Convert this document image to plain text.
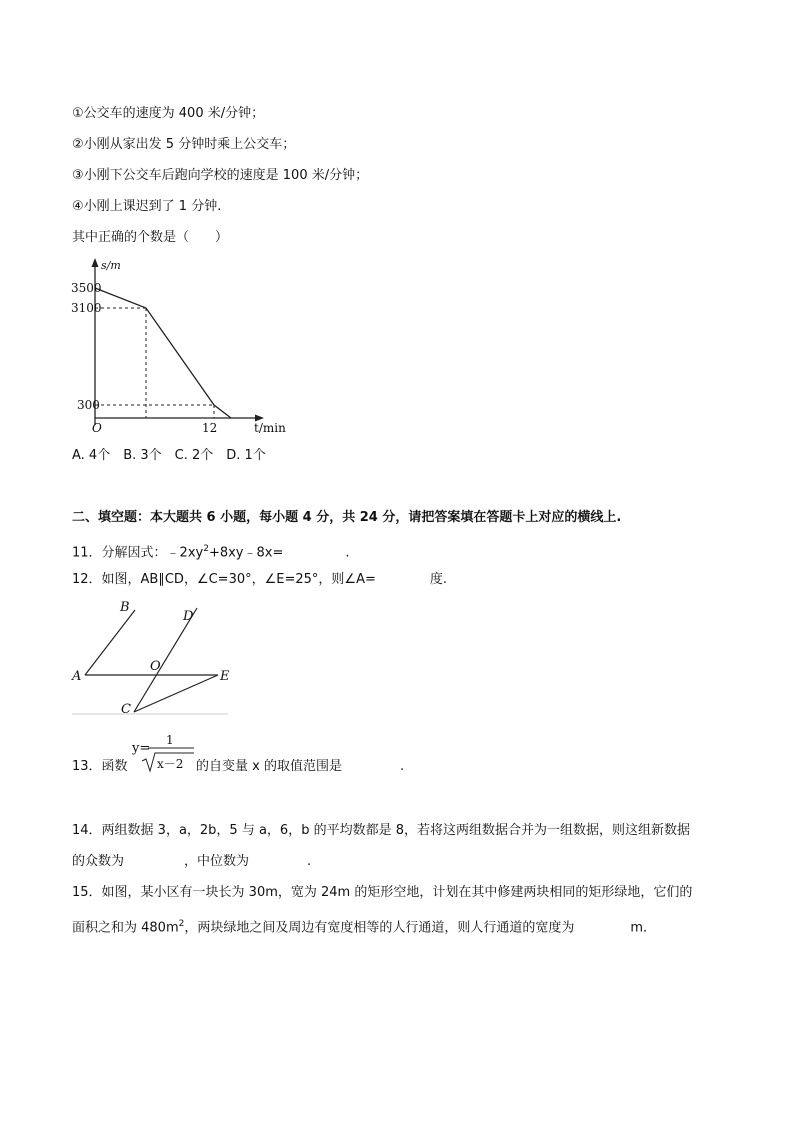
①公交车的速度为 400 米/分钟；
②小刚从家出发 5 分钟时乘上公交车；
③小刚下公交车后跑向学校的速度是 100 米/分钟；
④小刚上课迟到了 1 分钟.
其中正确的个数是（　　）
s/m
3500
3100
300
O	12	t/min
A. 4个　B. 3个　C. 2个　D. 1个
二、填空题：本大题共 6 小题，每小题 4 分，共 24 分，请把答案填在答题卡上对应的横线上.
11．分解因式：$﹣2xy^2+8xy﹣8x=$	.
12．如图，AB∥CD，∠C=30°，∠E=25°，则∠A=	度.
B
D
O
A	E
C
13．函数
y=
1
x－2 的自变量 x 的取值范围是	.
14．两组数据 3，a，2b，5 与 a，6，b 的平均数都是 8，若将这两组数据合并为一组数据，则这组新数据
的众数为	，中位数为	.
15．如图，某小区有一块长为 30m，宽为 24m 的矩形空地，计划在其中修建两块相同的矩形绿地，它们的
面积之和为 $480m^2$，两块绿地之间及周边有宽度相等的人行通道，则人行通道的宽度为	m.
